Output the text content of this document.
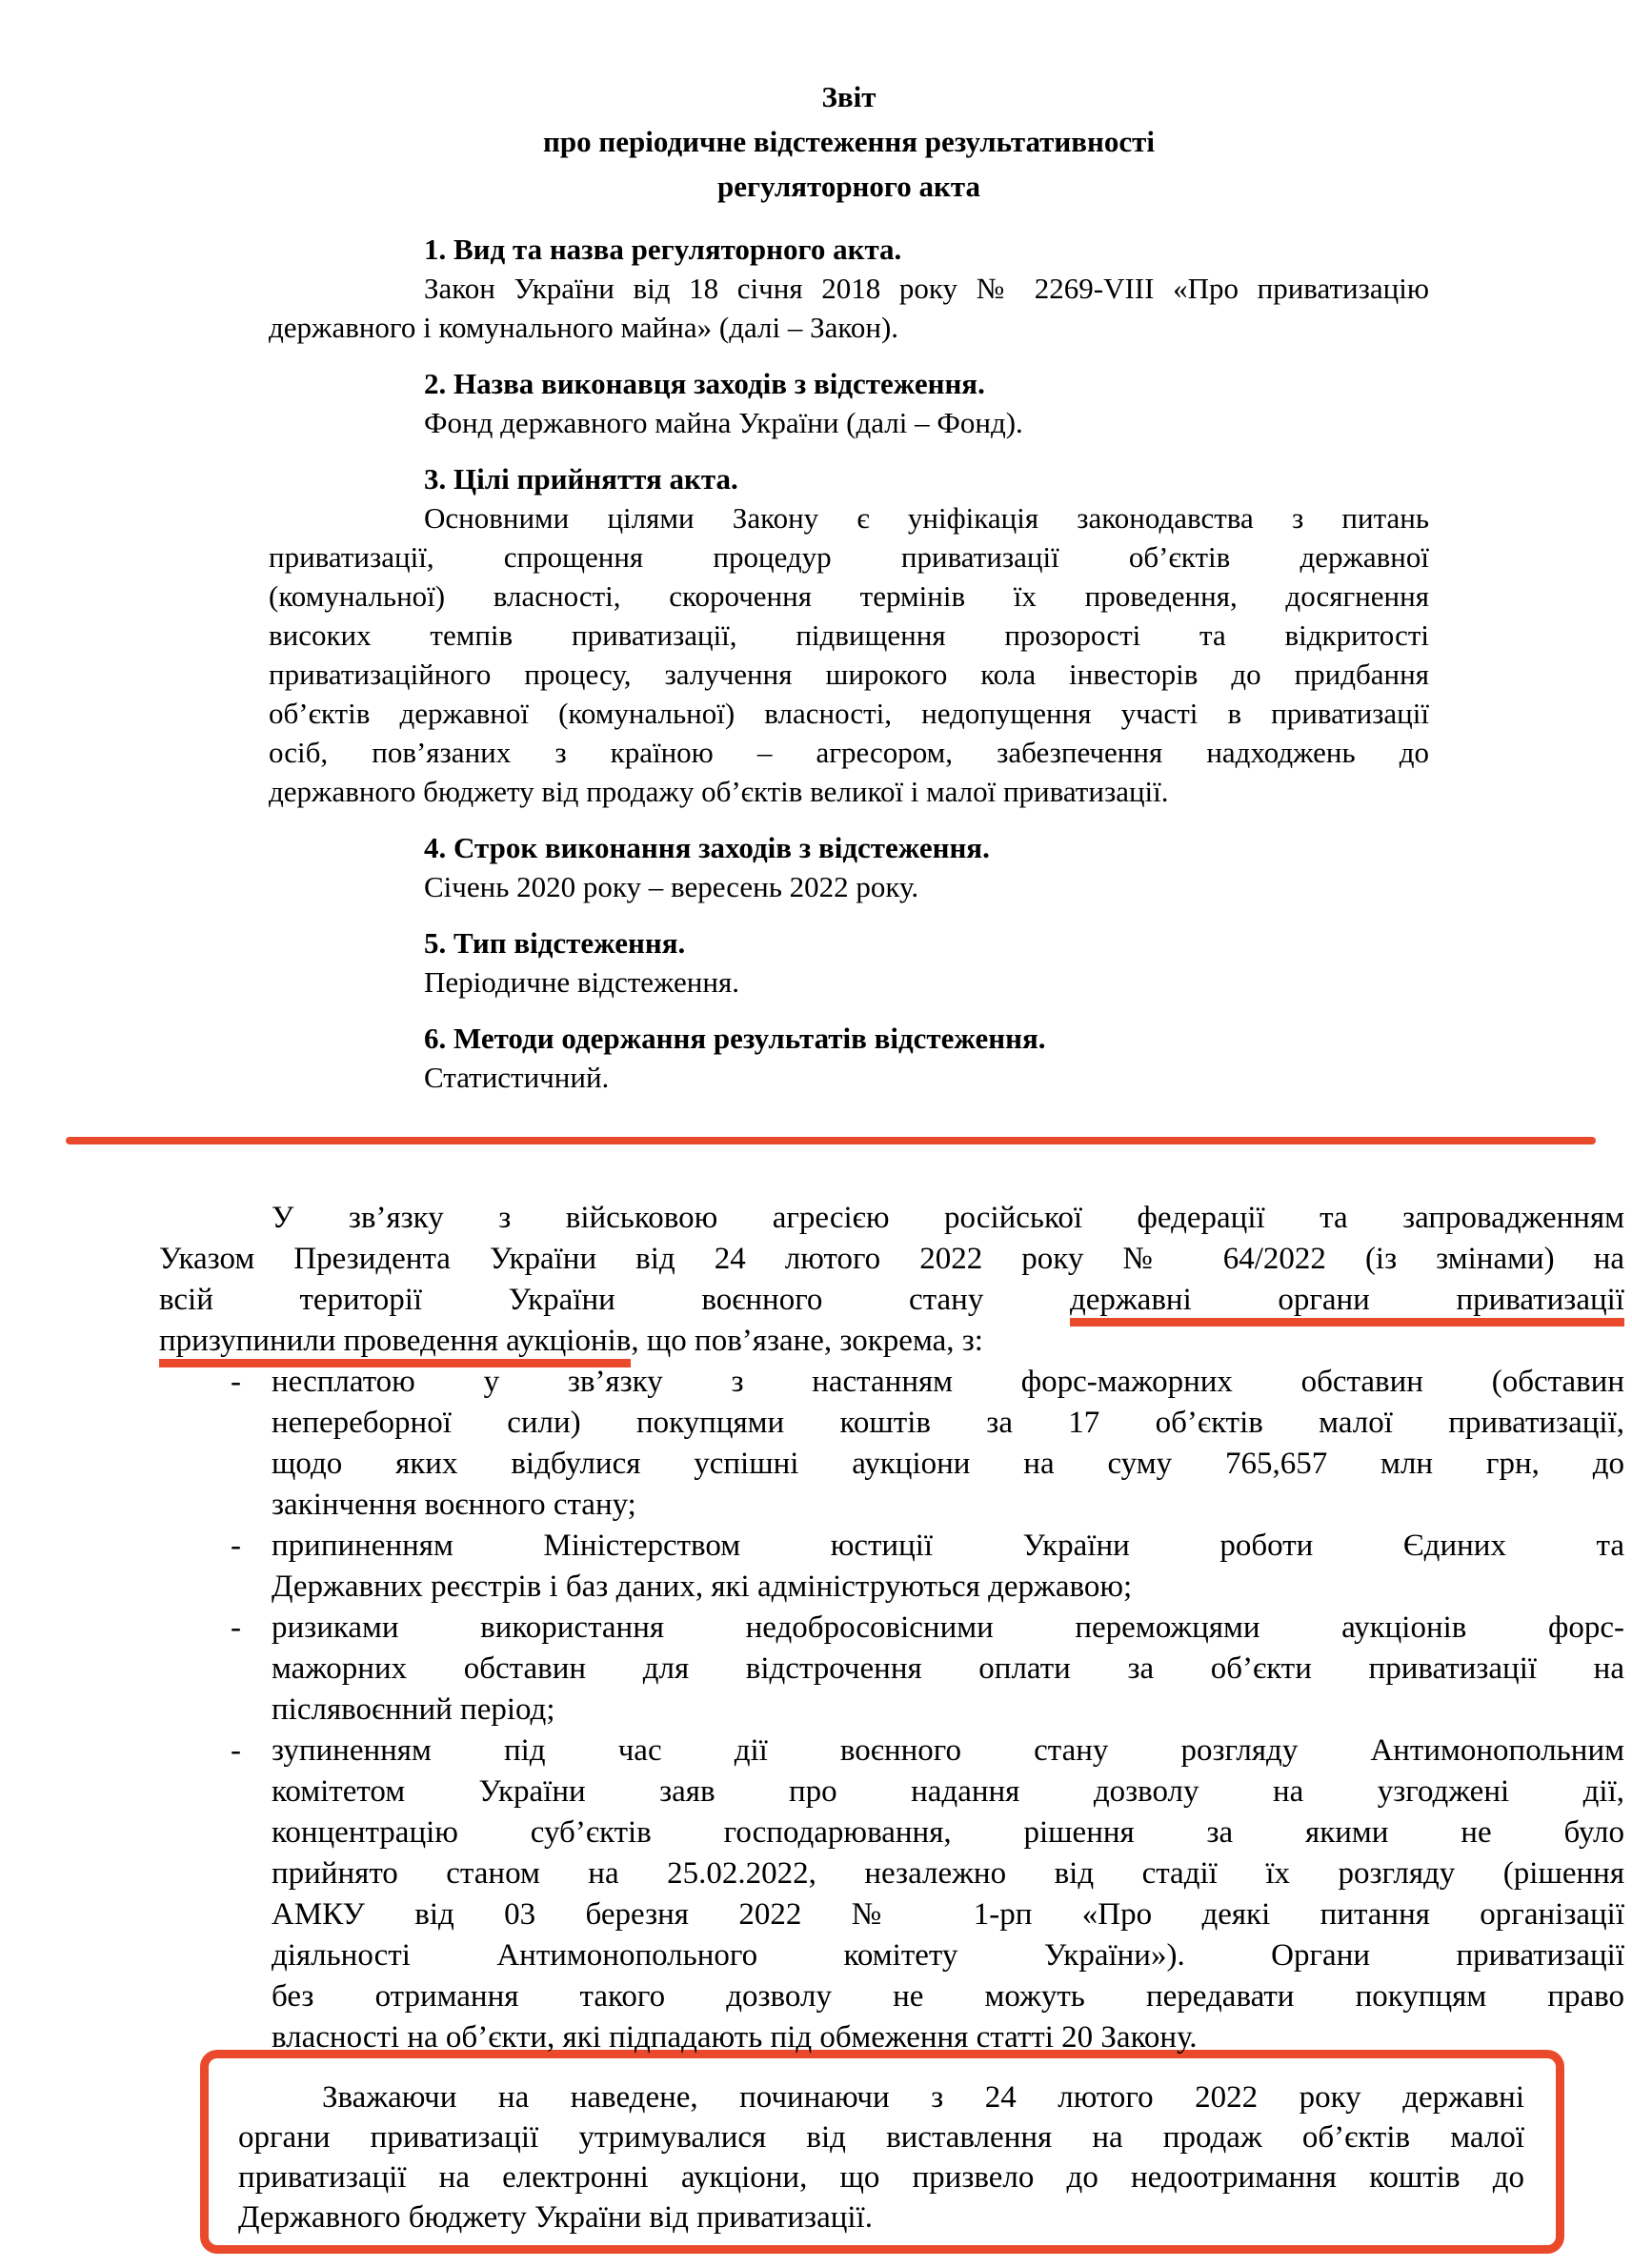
Звіт
про періодичне відстеження результативності
регуляторного акта
1. Вид та назва регуляторного акта.
Закон України від 18 січня 2018 року № 2269-VIII «Про приватизацію
державного і комунального майна» (далі – Закон).
2. Назва виконавця заходів з відстеження.
Фонд державного майна України (далі – Фонд).
3. Цілі прийняття акта.
Основними цілями Закону є уніфікація законодавства з питань
приватизації, спрощення процедур приватизації об’єктів державної
(комунальної) власності, скорочення термінів їх проведення, досягнення
високих темпів приватизації, підвищення прозорості та відкритості
приватизаційного процесу, залучення широкого кола інвесторів до придбання
об’єктів державної (комунальної) власності, недопущення участі в приватизації
осіб, пов’язаних з країною – агресором, забезпечення надходжень до
державного бюджету від продажу об’єктів великої і малої приватизації.
4. Строк виконання заходів з відстеження.
Січень 2020 року – вересень 2022 року.
5. Тип відстеження.
Періодичне відстеження.
6. Методи одержання результатів відстеження.
Статистичний.
У зв’язку з військовою агресією російської федерації та запровадженням
Указом Президента України від 24 лютого 2022 року № 64/2022 (із змінами) на
всій території України воєнного стану державні органи приватизації
призупинили проведення аукціонів, що пов’язане, зокрема, з:
- несплатою у зв’язку з настанням форс-мажорних обставин (обставин
непереборної сили) покупцями коштів за 17 об’єктів малої приватизації,
щодо яких відбулися успішні аукціони на суму 765,657 млн грн, до
закінчення воєнного стану;
- припиненням Міністерством юстиції України роботи Єдиних та
Державних реєстрів і баз даних, які адмініструються державою;
- ризиками використання недобросовісними переможцями аукціонів форс-
мажорних обставин для відстрочення оплати за об’єкти приватизації на
післявоєнний період;
- зупиненням під час дії воєнного стану розгляду Антимонопольним
комітетом України заяв про надання дозволу на узгоджені дії,
концентрацію суб’єктів господарювання, рішення за якими не було
прийнято станом на 25.02.2022, незалежно від стадії їх розгляду (рішення
АМКУ від 03 березня 2022 № 1-рп «Про деякі питання організації
діяльності Антимонопольного комітету України»). Органи приватизації
без отримання такого дозволу не можуть передавати покупцям право
власності на об’єкти, які підпадають під обмеження статті 20 Закону.
Зважаючи на наведене, починаючи з 24 лютого 2022 року державні
органи приватизації утримувалися від виставлення на продаж об’єктів малої
приватизації на електронні аукціони, що призвело до недоотримання коштів до
Державного бюджету України від приватизації.
